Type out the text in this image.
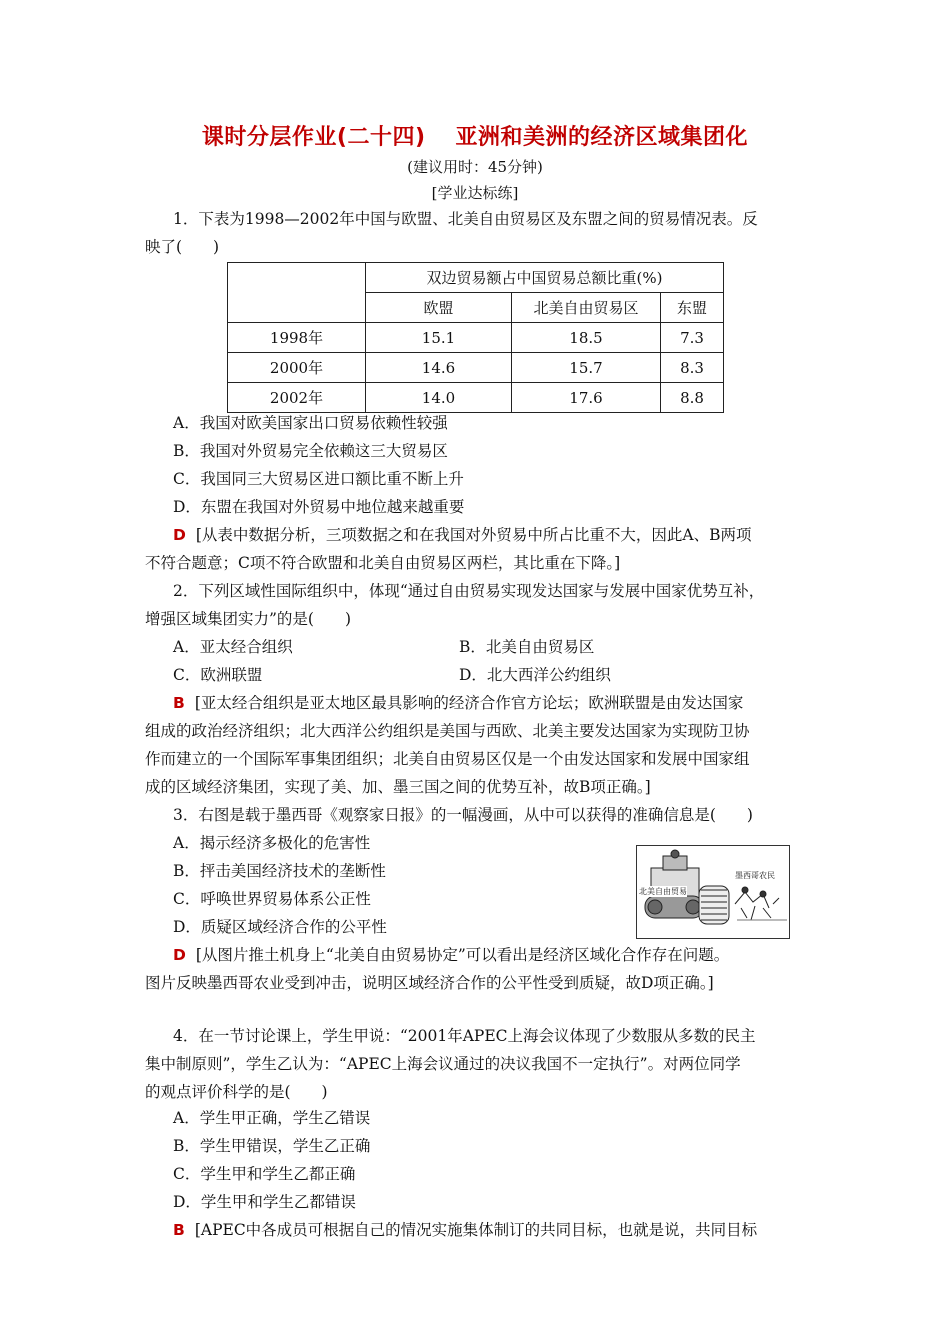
课时分层作业(二十四) 亚洲和美洲的经济区域集团化
(建议用时：45分钟)
[学业达标练]
1．下表为1998—2002年中国与欧盟、北美自由贸易区及东盟之间的贸易情况表。反
映了(　　)
	双边贸易额占中国贸易总额比重(%)		
	欧盟	北美自由贸易区	东盟
1998年	15.1	18.5	7.3
2000年	14.6	15.7	8.3
2002年	14.0	17.6	8.8
A．我国对欧美国家出口贸易依赖性较强
B．我国对外贸易完全依赖这三大贸易区
C．我国同三大贸易区进口额比重不断上升
D．东盟在我国对外贸易中地位越来越重要
D [从表中数据分析，三项数据之和在我国对外贸易中所占比重不大，因此A、B两项
不符合题意；C项不符合欧盟和北美自由贸易区两栏，其比重在下降。]
2．下列区域性国际组织中，体现“通过自由贸易实现发达国家与发展中国家优势互补，
增强区域集团实力”的是(　　)
A．亚太经合组织	B．北美自由贸易区
C．欧洲联盟	D．北大西洋公约组织
B [亚太经合组织是亚太地区最具影响的经济合作官方论坛；欧洲联盟是由发达国家
组成的政治经济组织；北大西洋公约组织是美国与西欧、北美主要发达国家为实现防卫协
作而建立的一个国际军事集团组织；北美自由贸易区仅是一个由发达国家和发展中国家组
成的区域经济集团，实现了美、加、墨三国之间的优势互补，故B项正确。]
3．右图是载于墨西哥《观察家日报》的一幅漫画，从中可以获得的准确信息是(　　)
A．揭示经济多极化的危害性
B．抨击美国经济技术的垄断性
C．呼唤世界贸易体系公正性
D．质疑区域经济合作的公平性
北美自由贸易
墨西哥农民
D [从图片推土机身上“北美自由贸易协定”可以看出是经济区域化合作存在问题。
图片反映墨西哥农业受到冲击，说明区域经济合作的公平性受到质疑，故D项正确。]
4．在一节讨论课上，学生甲说：“2001年APEC上海会议体现了少数服从多数的民主
集中制原则”，学生乙认为：“APEC上海会议通过的决议我国不一定执行”。对两位同学
的观点评价科学的是(　　)
A．学生甲正确，学生乙错误
B．学生甲错误，学生乙正确
C．学生甲和学生乙都正确
D．学生甲和学生乙都错误
B [APEC中各成员可根据自己的情况实施集体制订的共同目标，也就是说，共同目标
